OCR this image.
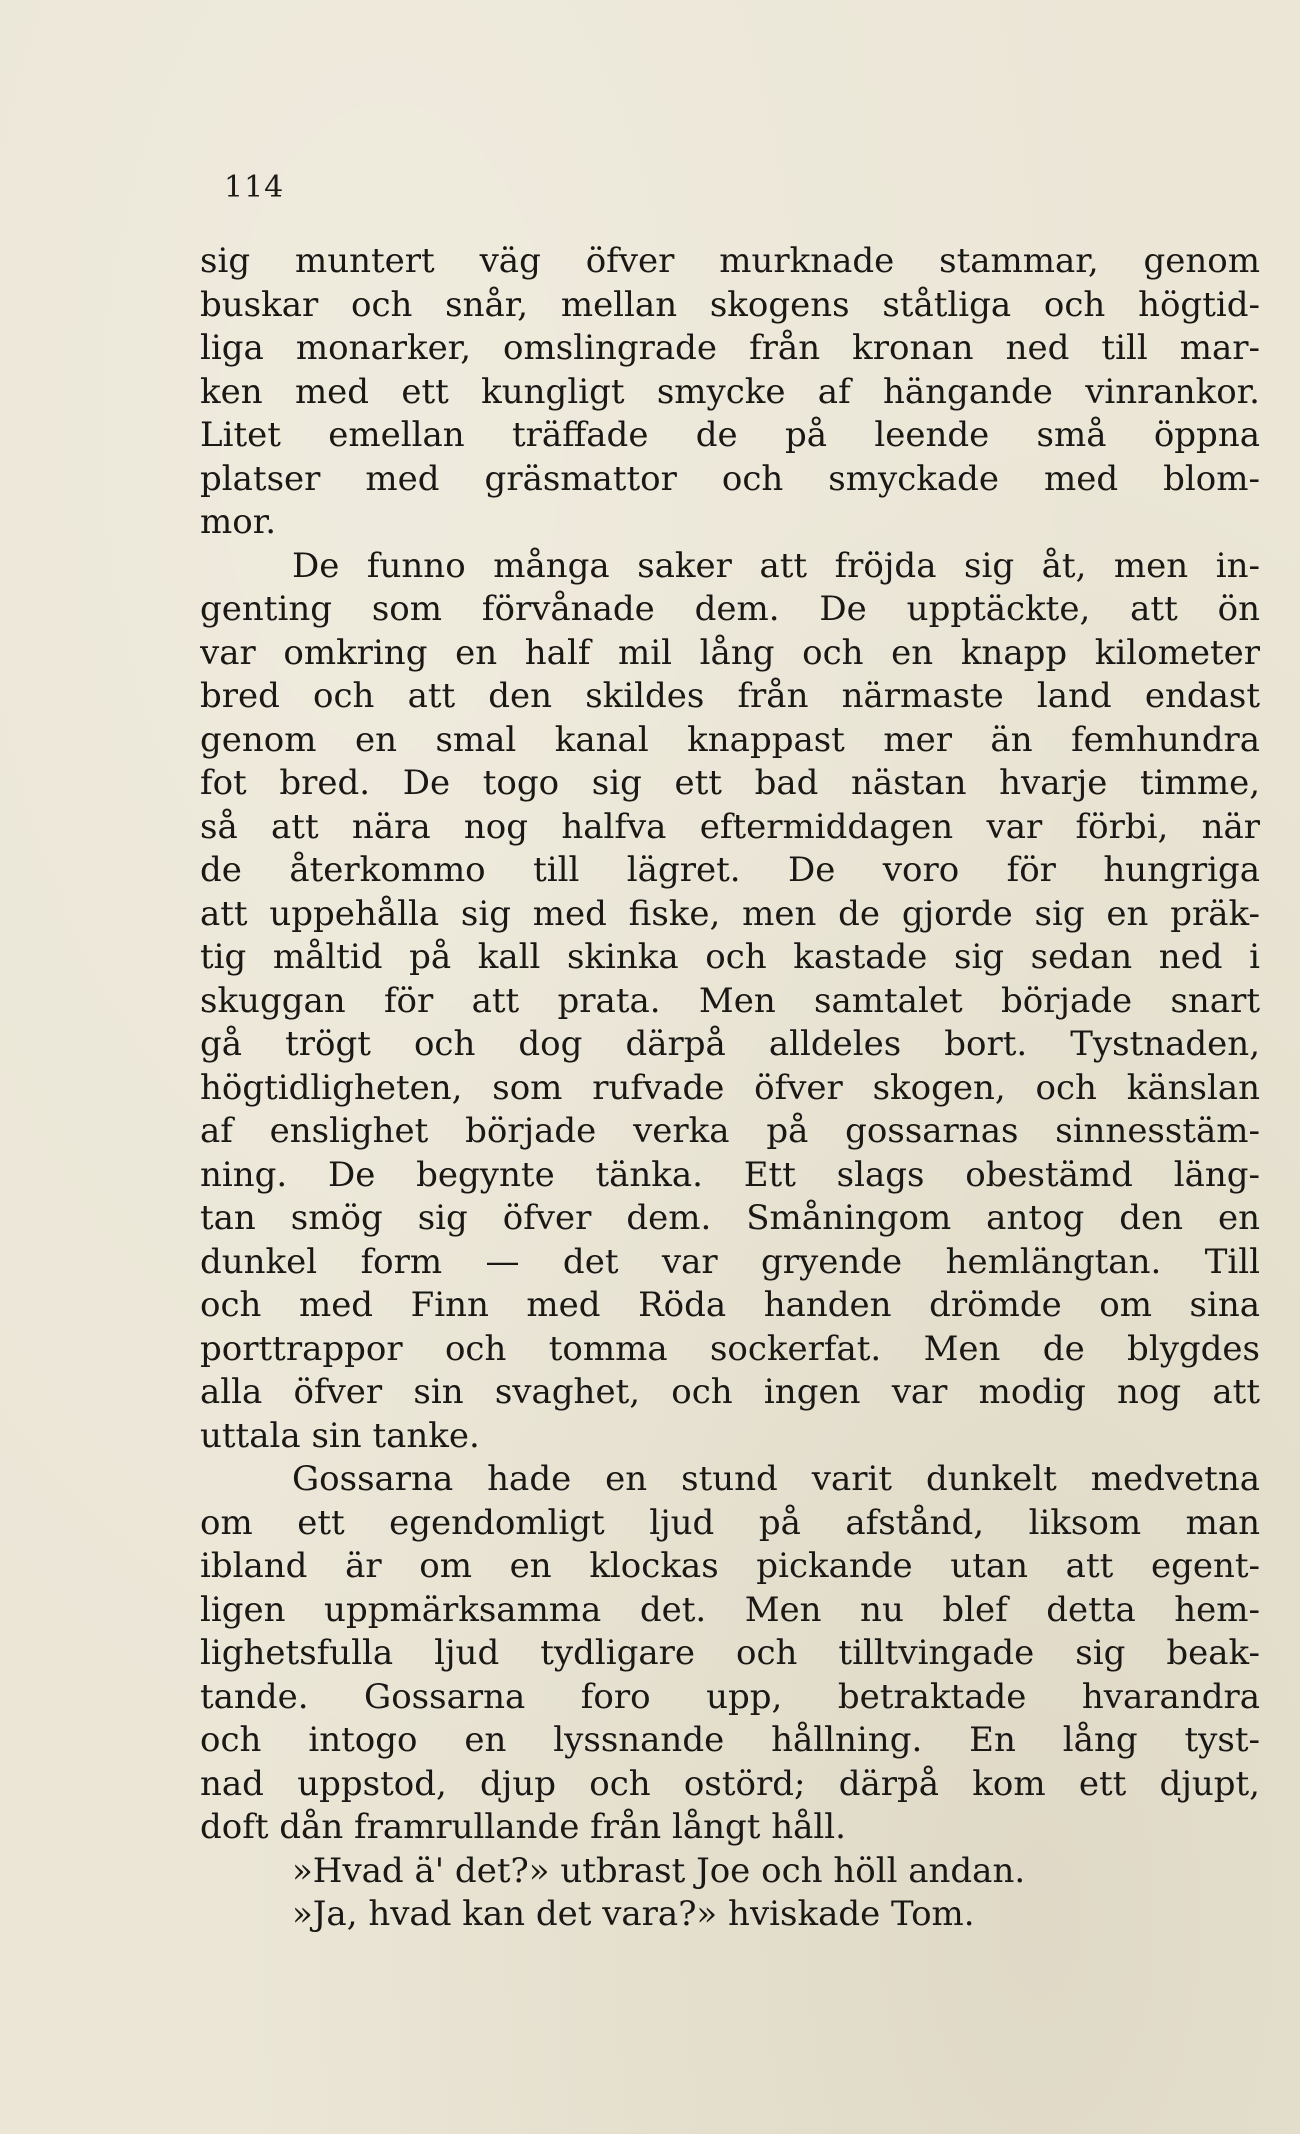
114
sig muntert väg öfver murknade stammar, genom
buskar och snår, mellan skogens ståtliga och högtid-
liga monarker, omslingrade från kronan ned till mar-
ken med ett kungligt smycke af hängande vinrankor.
Litet emellan träffade de på leende små öppna
platser med gräsmattor och smyckade med blom-
mor.
De funno många saker att fröjda sig åt, men in-
genting som förvånade dem. De upptäckte, att ön
var omkring en half mil lång och en knapp kilometer
bred och att den skildes från närmaste land endast
genom en smal kanal knappast mer än femhundra
fot bred. De togo sig ett bad nästan hvarje timme,
så att nära nog halfva eftermiddagen var förbi, när
de återkommo till lägret. De voro för hungriga
att uppehålla sig med fiske, men de gjorde sig en präk-
tig måltid på kall skinka och kastade sig sedan ned i
skuggan för att prata. Men samtalet började snart
gå trögt och dog därpå alldeles bort. Tystnaden,
högtidligheten, som rufvade öfver skogen, och känslan
af enslighet började verka på gossarnas sinnesstäm-
ning. De begynte tänka. Ett slags obestämd läng-
tan smög sig öfver dem. Småningom antog den en
dunkel form — det var gryende hemlängtan. Till
och med Finn med Röda handen drömde om sina
porttrappor och tomma sockerfat. Men de blygdes
alla öfver sin svaghet, och ingen var modig nog att
uttala sin tanke.
Gossarna hade en stund varit dunkelt medvetna
om ett egendomligt ljud på afstånd, liksom man
ibland är om en klockas pickande utan att egent-
ligen uppmärksamma det. Men nu blef detta hem-
lighetsfulla ljud tydligare och tilltvingade sig beak-
tande. Gossarna foro upp, betraktade hvarandra
och intogo en lyssnande hållning. En lång tyst-
nad uppstod, djup och ostörd; därpå kom ett djupt,
doft dån framrullande från långt håll.
»Hvad ä' det?» utbrast Joe och höll andan.
»Ja, hvad kan det vara?» hviskade Tom.
